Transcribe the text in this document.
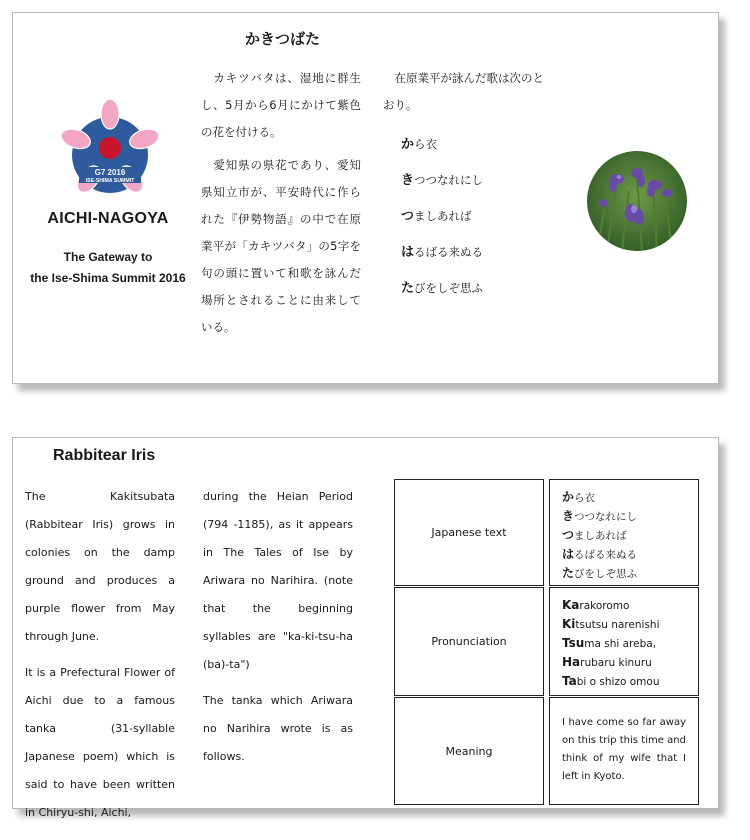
G7 2016
ISE-SHIMA SUMMIT
AICHI-NAGOYA
The Gateway to
the Ise-Shima Summit 2016
かきつばた

　カキツバタは、湿地に群生し、5月から6月にかけて紫色の花を付ける。

　愛知県の県花であり、愛知県知立市が、平安時代に作られた『伊勢物語』の中で在原業平が「カキツバタ」の5字を句の頭に置いて和歌を詠んだ場所とされることに由来している。

　在原業平が詠んだ歌は次のとおり。

から衣
きつつなれにし
つましあれば
はるばる来ぬる
たびをしぞ思ふ
Rabbitear Iris

The Kakitsubata (Rabbitear Iris) grows in colonies on the damp ground and produces a purple flower from May through June.

It is a Prefectural Flower of Aichi due to a famous tanka (31-syllable Japanese poem) which is said to have been written in Chiryu-shi, Aichi,

during the Heian Period (794 -1185), as it appears in The Tales of Ise by Ariwara no Narihira. (note that the beginning syllables are "ka-ki-tsu-ha (ba)-ta")

The tanka which Ariwara no Narihira wrote is as follows.

Japanese text
から衣
きつつなれにし
つましあれば
はるばる来ぬる
たびをしぞ思ふ
Pronunciation
Karakoromo
Kitsutsu narenishi
Tsuma shi areba,
Harubaru kinuru
Tabi o shizo omou
Meaning
I have come so far away on this trip this time and think of my wife that I left in Kyoto.
